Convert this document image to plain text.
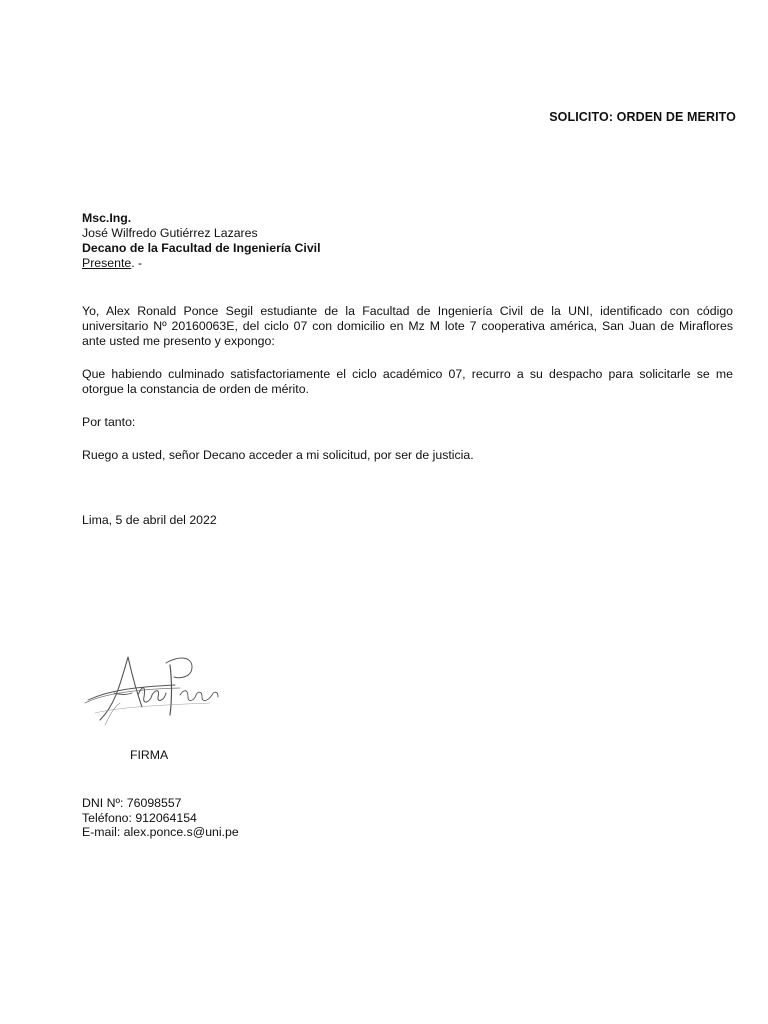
SOLICITO: ORDEN DE MERITO
Msc.Ing.
José Wilfredo Gutiérrez Lazares
Decano de la Facultad de Ingeniería Civil
Presente. -
Yo, Alex Ronald Ponce Segil estudiante de la Facultad de Ingeniería Civil de la UNI, identificado con código universitario Nº 20160063E, del ciclo 07 con domicilio en Mz M lote 7 cooperativa américa, San Juan de Miraflores ante usted me presento y expongo:
Que habiendo culminado satisfactoriamente el ciclo académico 07, recurro a su despacho para solicitarle se me otorgue la constancia de orden de mérito.
Por tanto:
Ruego a usted, señor Decano acceder a mi solicitud, por ser de justicia.
Lima, 5 de abril del 2022
FIRMA
DNI Nº: 76098557
Teléfono: 912064154
E-mail: alex.ponce.s@uni.pe
